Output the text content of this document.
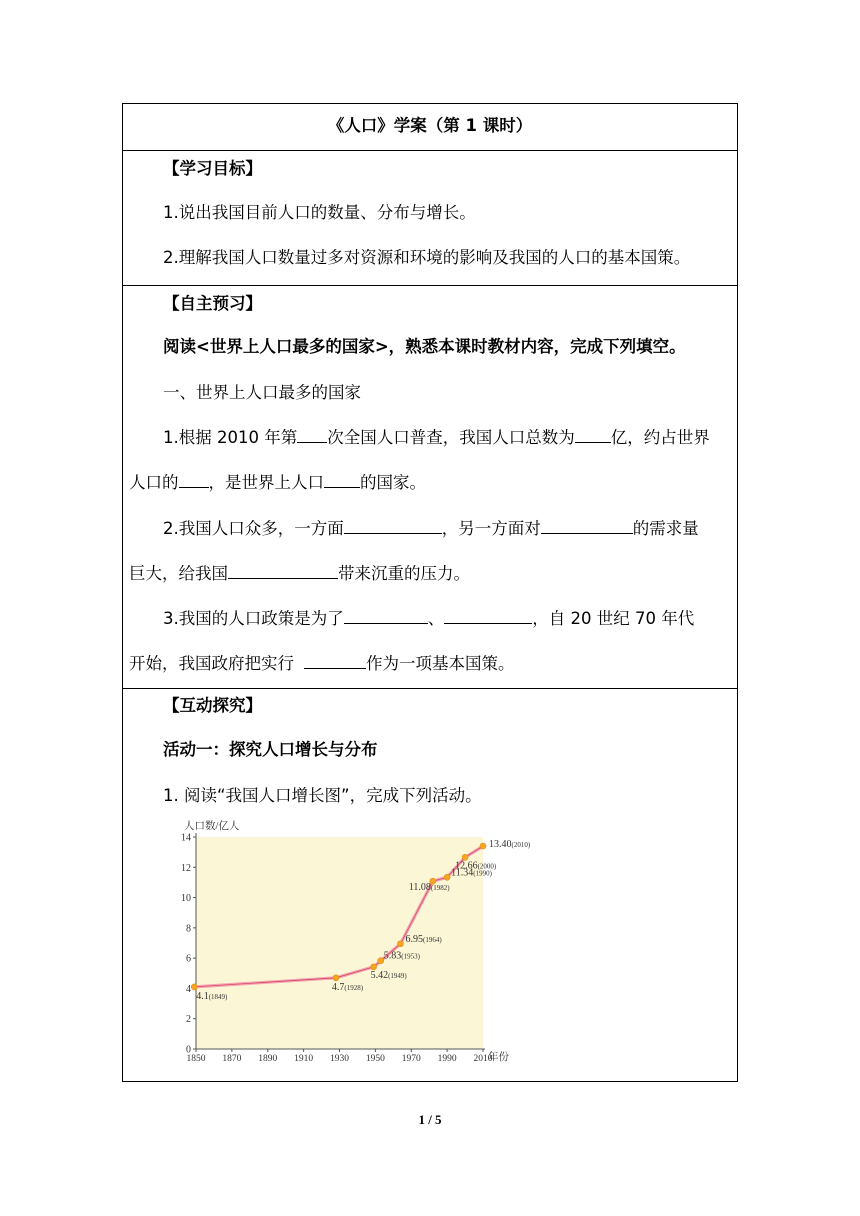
《人口》学案（第 1 课时）
【学习目标】
1.说出我国目前人口的数量、分布与增长。
2.理解我国人口数量过多对资源和环境的影响及我国的人口的基本国策。
【自主预习】
阅读<世界上人口最多的国家>，熟悉本课时教材内容，完成下列填空。
一、世界上人口最多的国家
1.根据 2010 年第 次全国人口普查，我国人口总数为 亿，约占世界
人口的 ，是世界上人口 的国家。
2.我国人口众多，一方面	，另一方面对	的需求量
巨大，给我国	带来沉重的压力。
3.我国的人口政策是为了	、	，自 20 世纪 70 年代
开始，我国政府把实行	作为一项基本国策。
【互动探究】
活动一：探究人口增长与分布
1. 阅读“我国人口增长图”，完成下列活动。
0
2
4
6
8
10
12
14
1850 1870 1890 1910 1930 1950 1970 1990 2010
4.1(1849)
4.7(1928)
5.42(1949)
5.83(1953)
6.95(1964)
11.08(1982)
11.34(1990)
12.66(2000)
13.40(2010)
人口数/亿人
年份
1 / 5
